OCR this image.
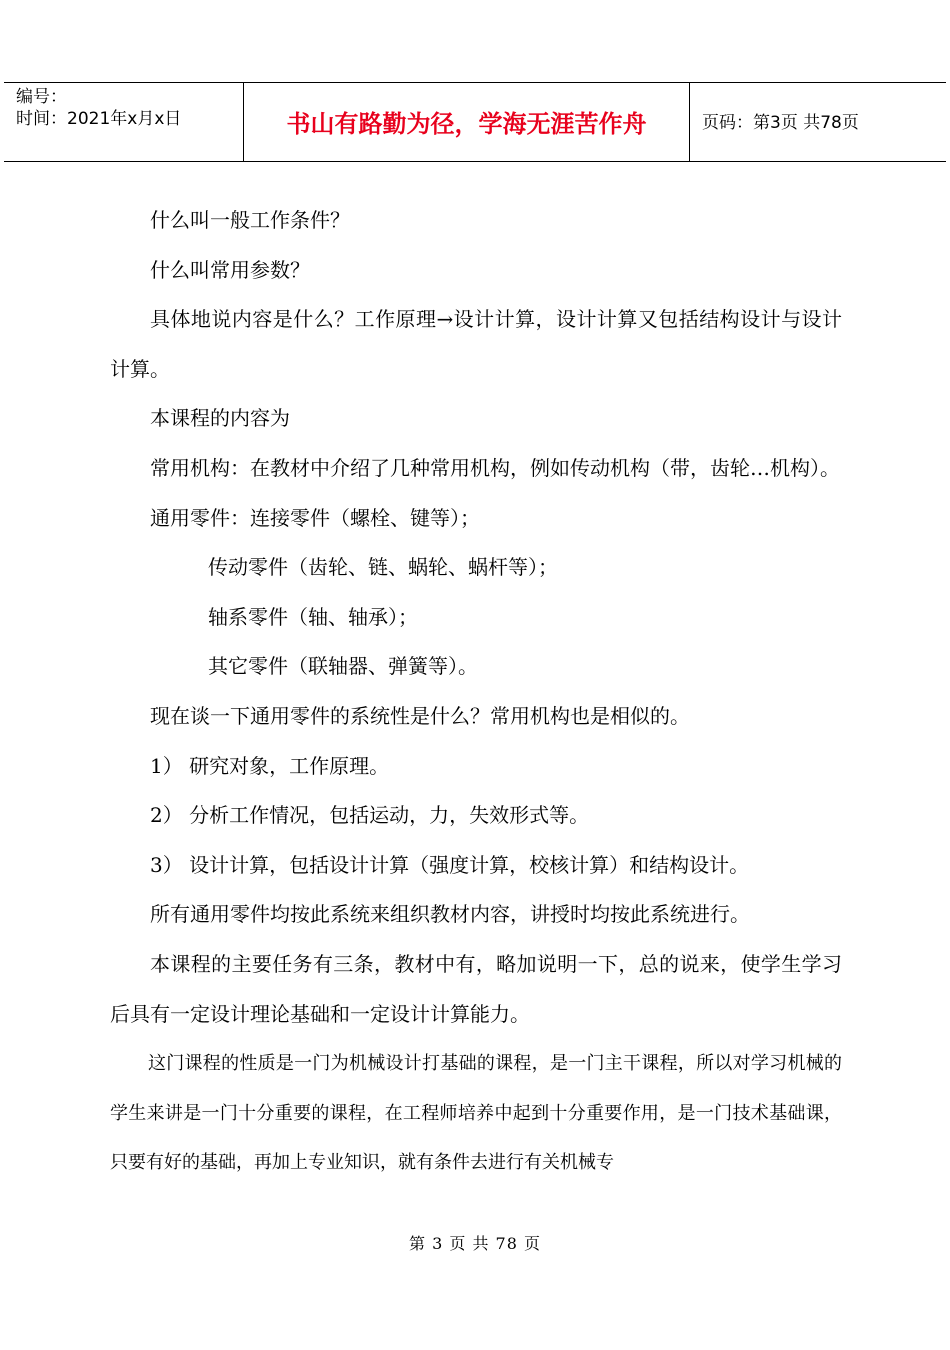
编号：
时间：2021年x月x日	书山有路勤为径，学海无涯苦作舟	页码：第3页 共78页

什么叫一般工作条件？

什么叫常用参数？

具体地说内容是什么？工作原理→设计计算，设计计算又包括结构设计与设计计算。

本课程的内容为

常用机构：在教材中介绍了几种常用机构，例如传动机构（带，齿轮…机构）。

通用零件：连接零件（螺栓、键等）；

传动零件（齿轮、链、蜗轮、蜗杆等）；

轴系零件（轴、轴承）；

其它零件（联轴器、弹簧等）。

现在谈一下通用零件的系统性是什么？常用机构也是相似的。

1） 研究对象，工作原理。

2） 分析工作情况，包括运动，力，失效形式等。

3） 设计计算，包括设计计算（强度计算，校核计算）和结构设计。

所有通用零件均按此系统来组织教材内容，讲授时均按此系统进行。

本课程的主要任务有三条，教材中有，略加说明一下，总的说来，使学生学习后具有一定设计理论基础和一定设计计算能力。

这门课程的性质是一门为机械设计打基础的课程，是一门主干课程，所以对学习机械的学生来讲是一门十分重要的课程，在工程师培养中起到十分重要作用，是一门技术基础课，只要有好的基础，再加上专业知识，就有条件去进行有关机械专

第 3 页 共 78 页
